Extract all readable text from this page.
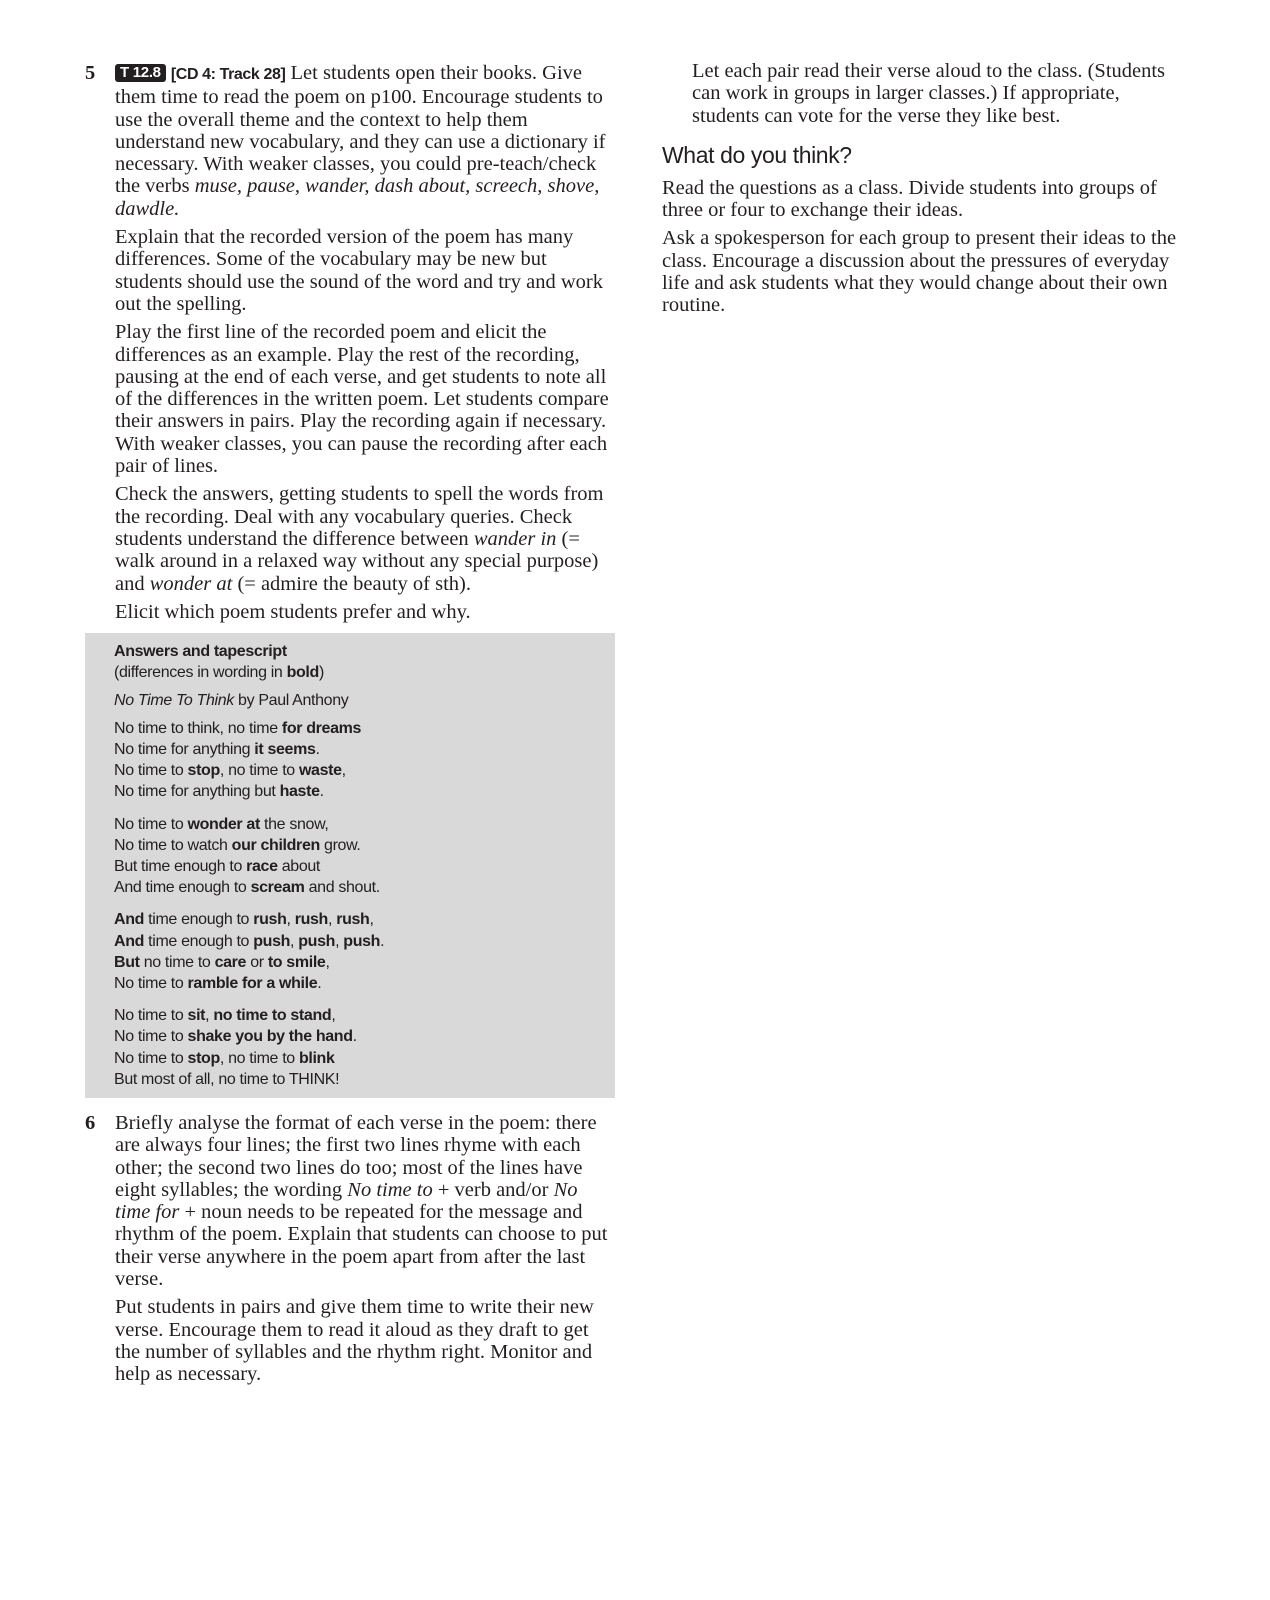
5	T 12.8 [CD 4: Track 28] Let students open their books. Give them time to read the poem on p100. Encourage students to use the overall theme and the context to help them understand new vocabulary, and they can use a dictionary if necessary. With weaker classes, you could pre-teach/check the verbs muse, pause, wander, dash about, screech, shove, dawdle.

Explain that the recorded version of the poem has many differences. Some of the vocabulary may be new but students should use the sound of the word and try and work out the spelling.

Play the first line of the recorded poem and elicit the differences as an example. Play the rest of the recording, pausing at the end of each verse, and get students to note all of the differences in the written poem. Let students compare their answers in pairs. Play the recording again if necessary. With weaker classes, you can pause the recording after each pair of lines.

Check the answers, getting students to spell the words from the recording. Deal with any vocabulary queries. Check students understand the difference between wander in (= walk around in a relaxed way without any special purpose) and wonder at (= admire the beauty of sth).

Elicit which poem students prefer and why.

Answers and tapescript
(differences in wording in bold)
No Time To Think by Paul Anthony
No time to think, no time for dreams
No time for anything it seems.
No time to stop, no time to waste,
No time for anything but haste.
No time to wonder at the snow,
No time to watch our children grow.
But time enough to race about
And time enough to scream and shout.
And time enough to rush, rush, rush,
And time enough to push, push, push.
But no time to care or to smile,
No time to ramble for a while.
No time to sit, no time to stand,
No time to shake you by the hand.
No time to stop, no time to blink
But most of all, no time to THINK!
6 Briefly analyse the format of each verse in the poem: there are always four lines; the first two lines rhyme with each other; the second two lines do too; most of the lines have eight syllables; the wording No time to + verb and/or No time for + noun needs to be repeated for the message and rhythm of the poem. Explain that students can choose to put their verse anywhere in the poem apart from after the last verse.

Put students in pairs and give them time to write their new verse. Encourage them to read it aloud as they draft to get the number of syllables and the rhythm right. Monitor and help as necessary.

Let each pair read their verse aloud to the class. (Students can work in groups in larger classes.) If appropriate, students can vote for the verse they like best.

What do you think?

Read the questions as a class. Divide students into groups of three or four to exchange their ideas.

Ask a spokesperson for each group to present their ideas to the class. Encourage a discussion about the pressures of everyday life and ask students what they would change about their own routine.
